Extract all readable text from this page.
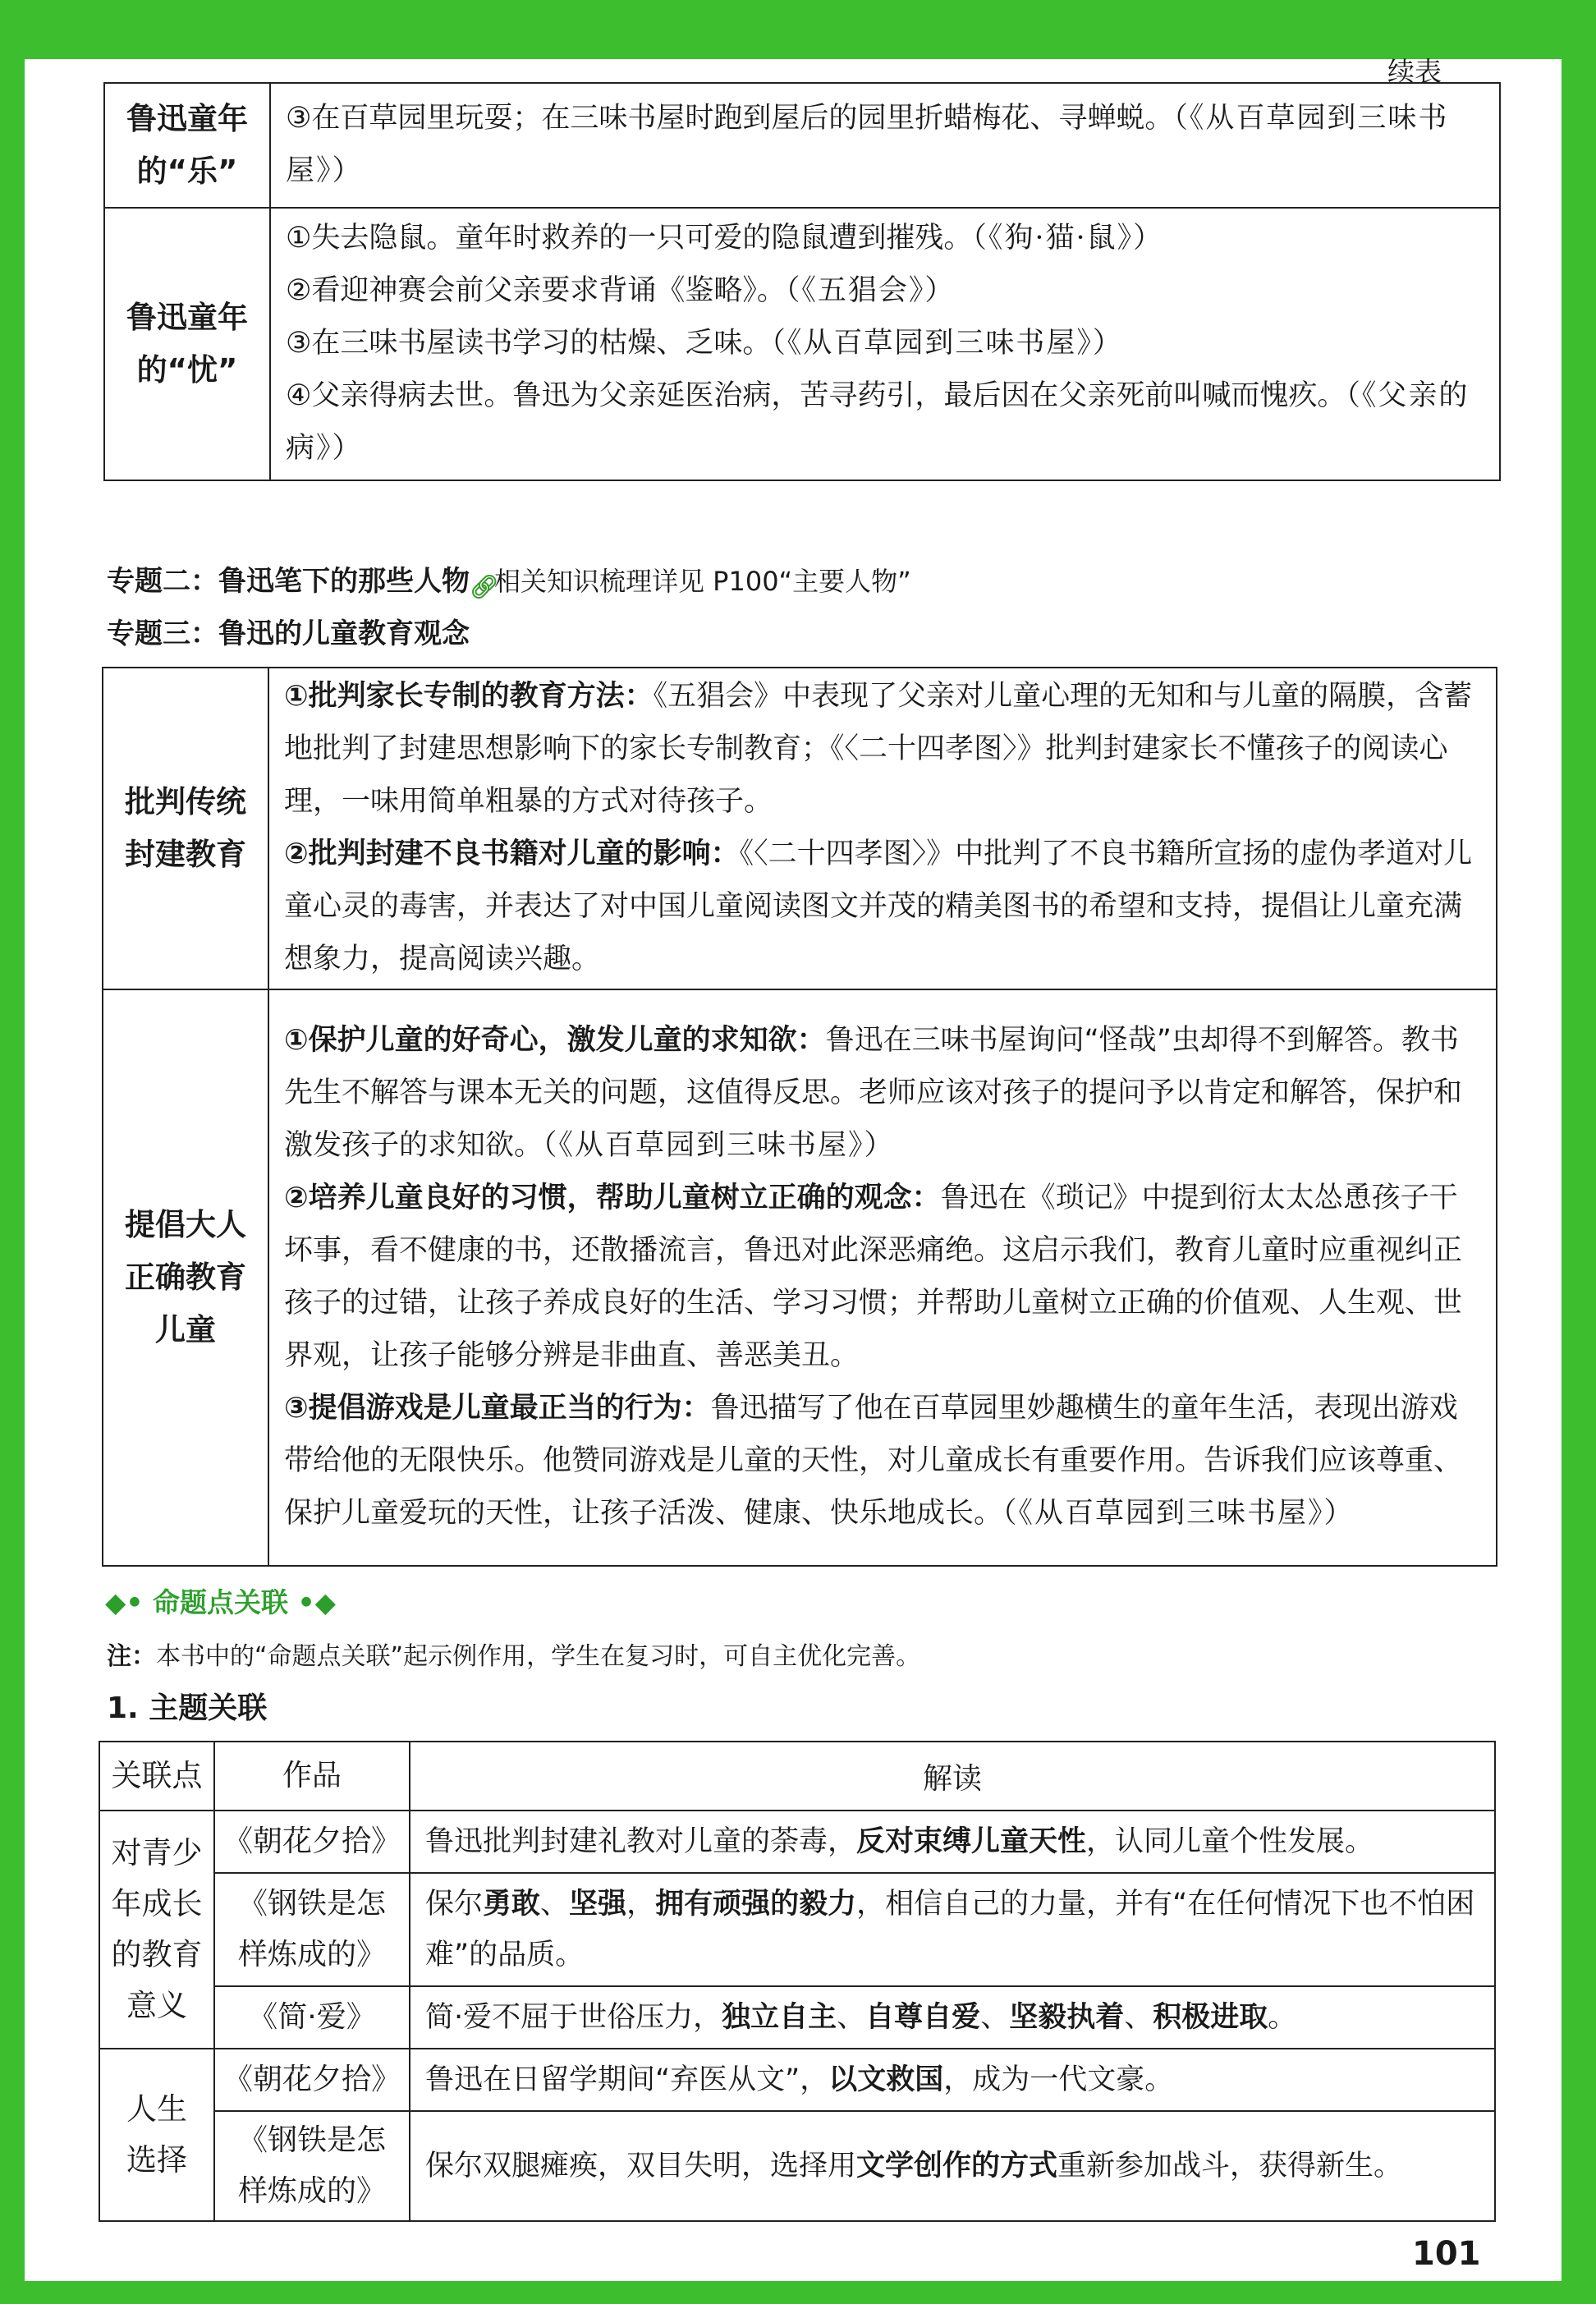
续表
鲁迅童年的“乐”	③在百草园里玩耍；在三味书屋时跑到屋后的园里折蜡梅花、寻蝉蜕。（《从百草园到三味书屋》）

鲁迅童年的“忧”	①失去隐鼠。童年时救养的一只可爱的隐鼠遭到摧残。（《狗·猫·鼠》）

②看迎神赛会前父亲要求背诵《鉴略》。（《五猖会》）

③在三味书屋读书学习的枯燥、乏味。（《从百草园到三味书屋》）

④父亲得病去世。鲁迅为父亲延医治病，苦寻药引，最后因在父亲死前叫喊而愧疚。（《父亲的病》）

专题二：鲁迅笔下的那些人物🔗︎相关知识梳理详见 P100“主要人物”
专题三：鲁迅的儿童教育观念
批判传统封建教育	①批判家长专制的教育方法：《五猖会》中表现了父亲对儿童心理的无知和与儿童的隔膜，含蓄地批判了封建思想影响下的家长专制教育；《〈二十四孝图〉》批判封建家长不懂孩子的阅读心理，一味用简单粗暴的方式对待孩子。

②批判封建不良书籍对儿童的影响：《〈二十四孝图〉》中批判了不良书籍所宣扬的虚伪孝道对儿童心灵的毒害，并表达了对中国儿童阅读图文并茂的精美图书的希望和支持，提倡让儿童充满想象力，提高阅读兴趣。

提倡大人正确教育儿童	①保护儿童的好奇心，激发儿童的求知欲：鲁迅在三味书屋询问“怪哉”虫却得不到解答。教书先生不解答与课本无关的问题，这值得反思。老师应该对孩子的提问予以肯定和解答，保护和激发孩子的求知欲。（《从百草园到三味书屋》）

②培养儿童良好的习惯，帮助儿童树立正确的观念：鲁迅在《琐记》中提到衍太太怂恿孩子干坏事，看不健康的书，还散播流言，鲁迅对此深恶痛绝。这启示我们，教育儿童时应重视纠正孩子的过错，让孩子养成良好的生活、学习习惯；并帮助儿童树立正确的价值观、人生观、世界观，让孩子能够分辨是非曲直、善恶美丑。

③提倡游戏是儿童最正当的行为：鲁迅描写了他在百草园里妙趣横生的童年生活，表现出游戏带给他的无限快乐。他赞同游戏是儿童的天性，对儿童成长有重要作用。告诉我们应该尊重、保护儿童爱玩的天性，让孩子活泼、健康、快乐地成长。（《从百草园到三味书屋》）

◆• 命题点关联 •◆
注：本书中的“命题点关联”起示例作用，学生在复习时，可自主优化完善。
1. 主题关联
关联点	作品	解读

对青少年成长的教育意义	《朝花夕拾》	鲁迅批判封建礼教对儿童的荼毒，反对束缚儿童天性，认同儿童个性发展。

	《钢铁是怎样炼成的》	保尔勇敢、坚强，拥有顽强的毅力，相信自己的力量，并有“在任何情况下也不怕困难”的品质。
	《简·爱》	简·爱不屈于世俗压力，独立自主、自尊自爱、坚毅执着、积极进取。

人生选择	《朝花夕拾》	鲁迅在日留学期间“弃医从文”，以文救国，成为一代文豪。

	《钢铁是怎样炼成的》	保尔双腿瘫痪，双目失明，选择用文学创作的方式重新参加战斗，获得新生。
101
